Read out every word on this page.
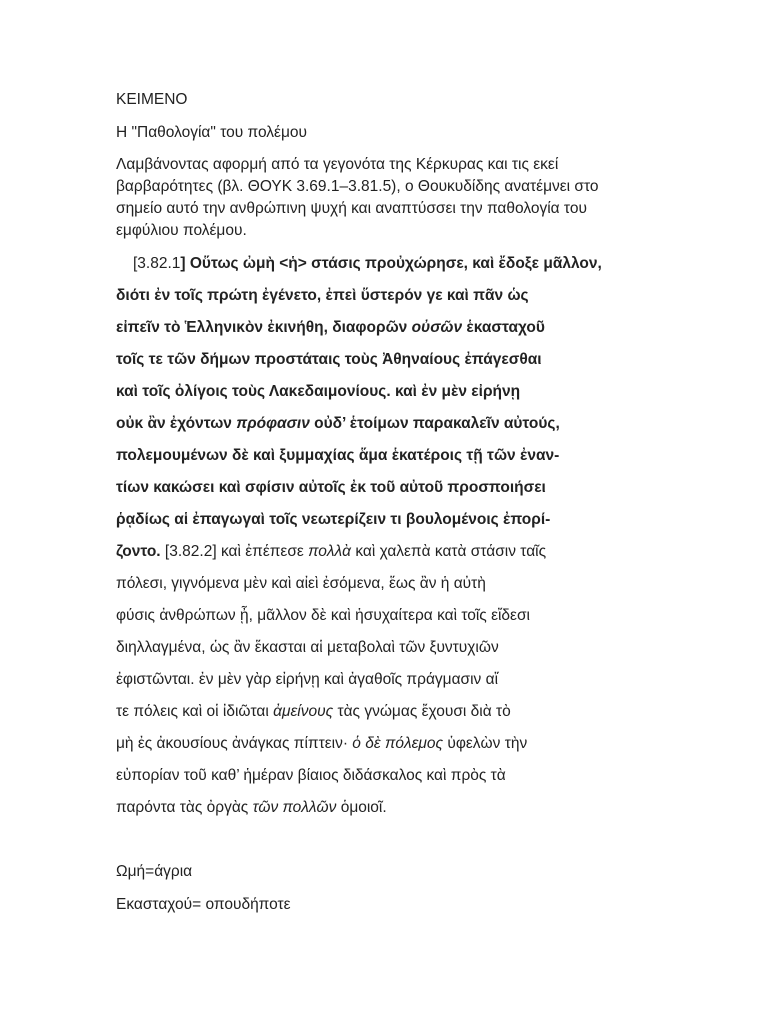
ΚΕΙΜΕΝΟ

Η "Παθολογία" του πολέμου

Λαμβάνοντας αφορμή από τα γεγονότα της Κέρκυρας και τις εκεί

βαρβαρότητες (βλ. ΘΟΥΚ 3.69.1–3.81.5), ο Θουκυδίδης ανατέμνει στο

σημείο αυτό την ανθρώπινη ψυχή και αναπτύσσει την παθολογία του

εμφύλιου πολέμου.

[3.82.1] Οὕτως ὠμὴ <ἡ> στάσις προὐχώρησε, καὶ ἔδοξε μᾶλλον,

διότι ἐν τοῖς πρώτη ἐγένετο, ἐπεὶ ὕστερόν γε καὶ πᾶν ὡς

εἰπεῖν τὸ Ἑλληνικὸν ἐκινήθη, διαφορῶν οὐσῶν ἑκασταχοῦ

τοῖς τε τῶν δήμων προστάταις τοὺς Ἀθηναίους ἐπάγεσθαι

καὶ τοῖς ὀλίγοις τοὺς Λακεδαιμονίους. καὶ ἐν μὲν εἰρήνῃ

οὐκ ἂν ἐχόντων πρόφασιν οὐδ’ ἑτοίμων παρακαλεῖν αὐτούς,

πολεμουμένων δὲ καὶ ξυμμαχίας ἅμα ἑκατέροις τῇ τῶν ἐναν-

τίων κακώσει καὶ σφίσιν αὐτοῖς ἐκ τοῦ αὐτοῦ προσποιήσει

ῥᾳδίως αἱ ἐπαγωγαὶ τοῖς νεωτερίζειν τι βουλομένοις ἐπορί-

ζοντο. [3.82.2] καὶ ἐπέπεσε πολλὰ καὶ χαλεπὰ κατὰ στάσιν ταῖς

πόλεσι, γιγνόμενα μὲν καὶ αἰεὶ ἐσόμενα, ἕως ἂν ἡ αὐτὴ

φύσις ἀνθρώπων ᾖ, μᾶλλον δὲ καὶ ἡσυχαίτερα καὶ τοῖς εἴδεσι

διηλλαγμένα, ὡς ἂν ἕκασται αἱ μεταβολαὶ τῶν ξυντυχιῶν

ἐφιστῶνται. ἐν μὲν γὰρ εἰρήνῃ καὶ ἀγαθοῖς πράγμασιν αἵ

τε πόλεις καὶ οἱ ἰδιῶται ἀμείνους τὰς γνώμας ἔχουσι διὰ τὸ

μὴ ἐς ἀκουσίους ἀνάγκας πίπτειν· ὁ δὲ πόλεμος ὑφελὼν τὴν

εὐπορίαν τοῦ καθ’ ἡμέραν βίαιος διδάσκαλος καὶ πρὸς τὰ

παρόντα τὰς ὀργὰς τῶν πολλῶν ὁμοιοῖ.

Ωμή=άγρια

Εκασταχού= οπουδήποτε
